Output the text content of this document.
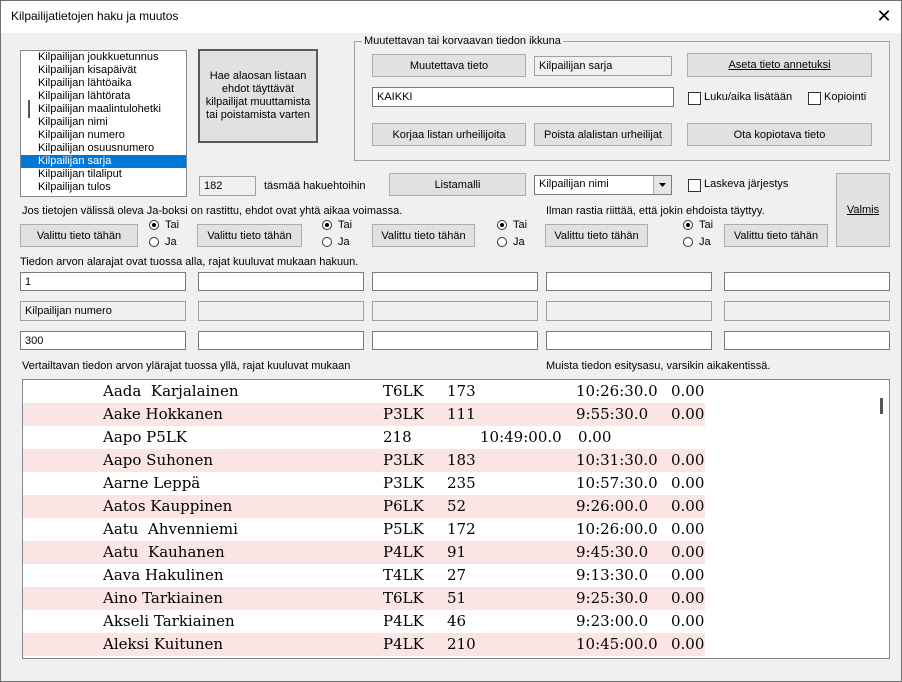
Kilpailijatietojen haku ja muutos	✕
Kilpailijan joukkuetunnus
Kilpailijan kisapäivät
Kilpailijan lähtöaika
Kilpailijan lähtörata
Kilpailijan maalintulohetki
Kilpailijan nimi
Kilpailijan numero
Kilpailijan osuusnumero
Kilpailijan sarja
Kilpailijan tilaliput
Kilpailijan tulos
Hae alaosan listaan ehdot täyttävät kilpailijat muuttamista tai poistamista varten
Muutettavan tai korvaavan tiedon ikkuna
Muutettava tieto	Kilpailijan sarja	Aseta tieto annetuksi
KAIKKI	Luku/aika lisätään	Kopiointi
Korjaa listan urheilijoita	Poista alalistan urheilijat	Ota kopiotava tieto
182	täsmää hakuehtoihin	Listamalli	Kilpailijan nimi	Laskeva järjestys
Valmis
Jos tietojen välissä oleva Ja-boksi on rastittu, ehdot ovat yhtä aikaa voimassa.	Ilman rastia riittää, että jokin ehdoista täyttyy.
Valittu tieto tähän	Valittu tieto tähän	Valittu tieto tähän	Valittu tieto tähän	Valittu tieto tähän
Tai
Ja
Tai
Ja
Tai
Ja
Tai
Ja
Tiedon arvon alarajat ovat tuossa alla, rajat kuuluvat mukaan hakuun.
1
Kilpailijan numero
300
Vertailtavan tiedon arvon ylärajat tuossa yllä, rajat kuuluvat mukaan	Muista tiedon esitysasu, varsikin aikakentissä.
Aada  Karjalainen	T6LK 173	10:26:30.0 0.00
Aake Hokkanen	P3LK 111	9:55:30.0 0.00
Aapo P5LK	218	10:49:00.0 0.00
Aapo Suhonen	P3LK 183	10:31:30.0 0.00
Aarne Leppä	P3LK 235	10:57:30.0 0.00
Aatos Kauppinen	P6LK 52	9:26:00.0 0.00
Aatu  Ahvenniemi	P5LK 172	10:26:00.0 0.00
Aatu  Kauhanen	P4LK 91	9:45:30.0 0.00
Aava Hakulinen	T4LK 27	9:13:30.0 0.00
Aino Tarkiainen	T6LK 51	9:25:30.0 0.00
Akseli Tarkiainen	P4LK 46	9:23:00.0 0.00
Aleksi Kuitunen	P4LK 210	10:45:00.0 0.00
